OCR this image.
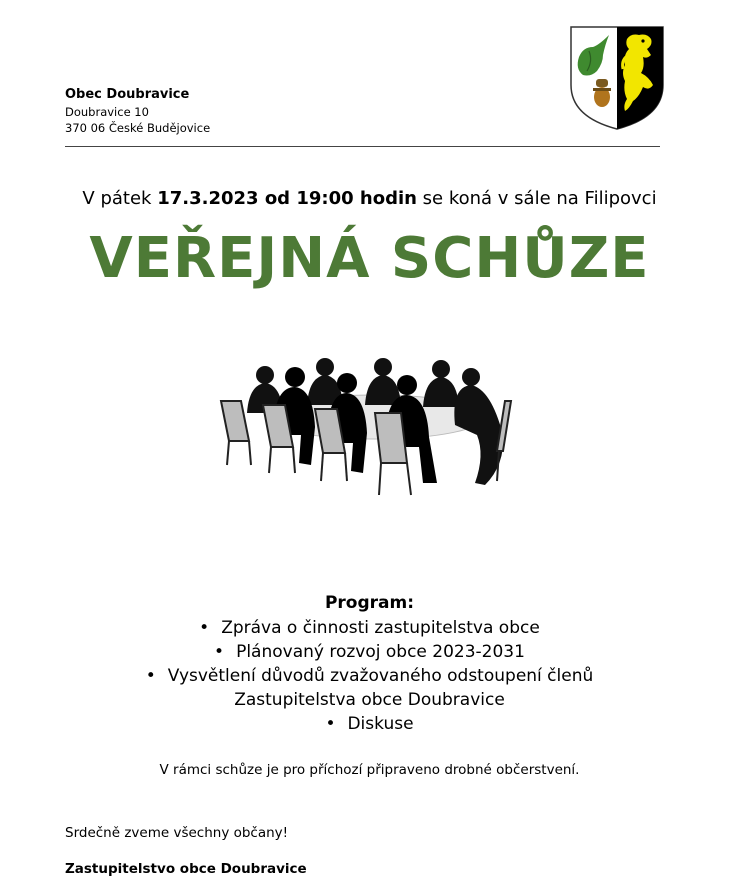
Obec Doubravice
Doubravice 10
370 06 České Budějovice
V pátek 17.3.2023 od 19:00 hodin se koná v sále na Filipovci
VEŘEJNÁ SCHŮZE
Program:
• Zpráva o činnosti zastupitelstva obce
• Plánovaný rozvoj obce 2023-2031
• Vysvětlení důvodů zvažovaného odstoupení členů
Zastupitelstva obce Doubravice
• Diskuse
V rámci schůze je pro příchozí připraveno drobné občerstvení.
Srdečně zveme všechny občany!
Zastupitelstvo obce Doubravice
